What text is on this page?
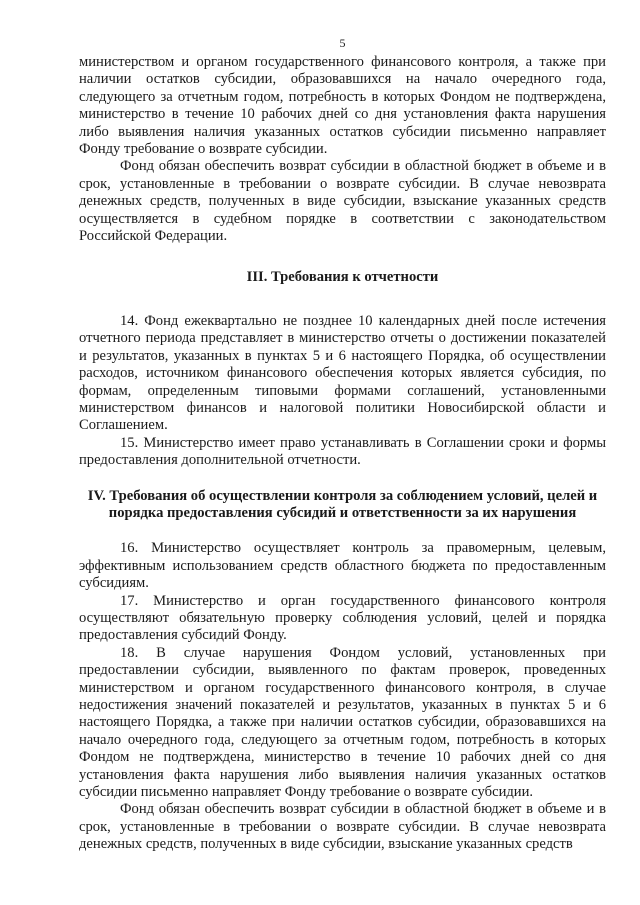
5

министерством и органом государственного финансового контроля, а также при наличии остатков субсидии, образовавшихся на начало очередного года, следующего за отчетным годом, потребность в которых Фондом не подтверждена, министерство в течение 10 рабочих дней со дня установления факта нарушения либо выявления наличия указанных остатков субсидии письменно направляет Фонду требование о возврате субсидии.

Фонд обязан обеспечить возврат субсидии в областной бюджет в объеме и в срок, установленные в требовании о возврате субсидии. В случае невозврата денежных средств, полученных в виде субсидии, взыскание указанных средств осуществляется в судебном порядке в соответствии с законодательством Российской Федерации.

III. Требования к отчетности

14. Фонд ежеквартально не позднее 10 календарных дней после истечения отчетного периода представляет в министерство отчеты о достижении показателей и результатов, указанных в пунктах 5 и 6 настоящего Порядка, об осуществлении расходов, источником финансового обеспечения которых является субсидия, по формам, определенным типовыми формами соглашений, установленными министерством финансов и налоговой политики Новосибирской области и Соглашением.

15. Министерство имеет право устанавливать в Соглашении сроки и формы предоставления дополнительной отчетности.

IV. Требования об осуществлении контроля за соблюдением условий, целей и порядка предоставления субсидий и ответственности за их нарушения

16. Министерство осуществляет контроль за правомерным, целевым, эффективным использованием средств областного бюджета по предоставленным субсидиям.

17. Министерство и орган государственного финансового контроля осуществляют обязательную проверку соблюдения условий, целей и порядка предоставления субсидий Фонду.

18. В случае нарушения Фондом условий, установленных при предоставлении субсидии, выявленного по фактам проверок, проведенных министерством и органом государственного финансового контроля, в случае недостижения значений показателей и результатов, указанных в пунктах 5 и 6 настоящего Порядка, а также при наличии остатков субсидии, образовавшихся на начало очередного года, следующего за отчетным годом, потребность в которых Фондом не подтверждена, министерство в течение 10 рабочих дней со дня установления факта нарушения либо выявления наличия указанных остатков субсидии письменно направляет Фонду требование о возврате субсидии.

Фонд обязан обеспечить возврат субсидии в областной бюджет в объеме и в срок, установленные в требовании о возврате субсидии. В случае невозврата денежных средств, полученных в виде субсидии, взыскание указанных средств
